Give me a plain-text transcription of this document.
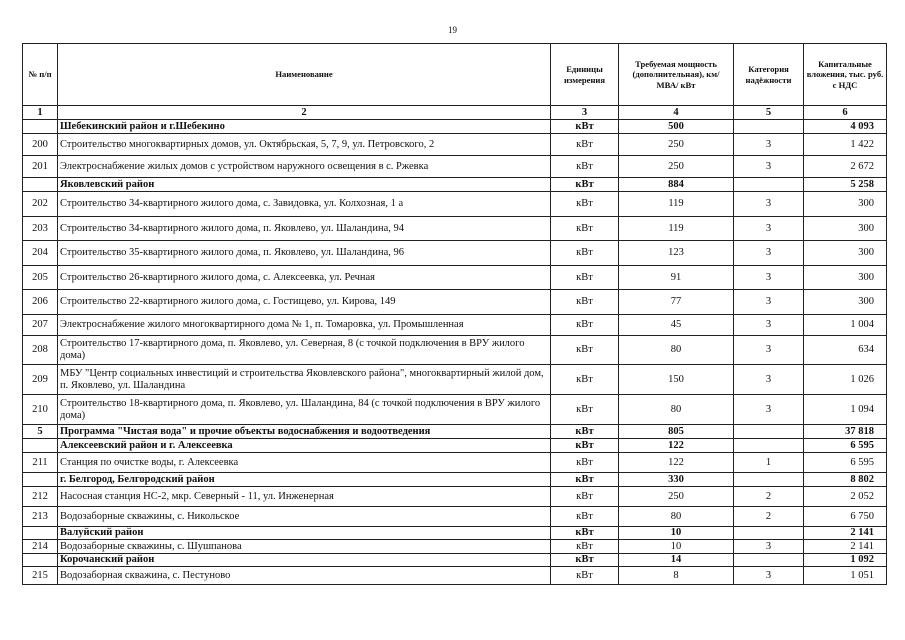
19
№ п/п	Наименование	Единицы измерения	Требуемая мощность (дополнительная), км/ МВА/ кВт	Категория надёжности	Капитальные вложения, тыс. руб. с НДС
1	2	3	4	5	6
	Шебекинский район и г.Шебекино	кВт	500		4 093
200	Строительство многоквартирных домов, ул. Октябрьская, 5, 7, 9, ул. Петровского, 2	кВт	250	3	1 422
201	Электроснабжение жилых домов с устройством наружного освещения в с. Ржевка	кВт	250	3	2 672
	Яковлевский район	кВт	884		5 258
202	Строительство 34-квартирного жилого дома, с. Завидовка, ул. Колхозная, 1 а	кВт	119	3	300
203	Строительство 34-квартирного жилого дома, п. Яковлево, ул. Шаландина, 94	кВт	119	3	300
204	Строительство 35-квартирного жилого дома, п. Яковлево, ул. Шаландина, 96	кВт	123	3	300
205	Строительство 26-квартирного жилого дома, с. Алексеевка, ул. Речная	кВт	91	3	300
206	Строительство 22-квартирного жилого дома, с. Гостищево, ул. Кирова, 149	кВт	77	3	300
207	Электроснабжение жилого многоквартирного дома № 1, п. Томаровка, ул. Промышленная	кВт	45	3	1 004
208	Строительство 17-квартирного дома, п. Яковлево, ул. Северная, 8 (с точкой подключения в ВРУ жилого дома)	кВт	80	3	634
209	МБУ "Центр социальных инвестиций и строительства Яковлевского района", многоквартирный жилой дом, п. Яковлево, ул. Шаландина	кВт	150	3	1 026
210	Строительство 18-квартирного дома, п. Яковлево, ул. Шаландина, 84 (с точкой подключения в ВРУ жилого дома)	кВт	80	3	1 094
5	Программа "Чистая вода" и прочие объекты водоснабжения и водоотведения	кВт	805		37 818
	Алексеевский район и г. Алексеевка	кВт	122		6 595
211	Станция по очистке воды, г. Алексеевка	кВт	122	1	6 595
	г. Белгород, Белгородский район	кВт	330		8 802
212	Насосная станция НС-2, мкр. Северный - 11, ул. Инженерная	кВт	250	2	2 052
213	Водозаборные скважины, с. Никольское	кВт	80	2	6 750
	Валуйский район	кВт	10		2 141
214	Водозаборные скважины, с. Шушпанова	кВт	10	3	2 141
	Корочанский район	кВт	14		1 092
215	Водозаборная скважина, с. Пестуново	кВт	8	3	1 051
